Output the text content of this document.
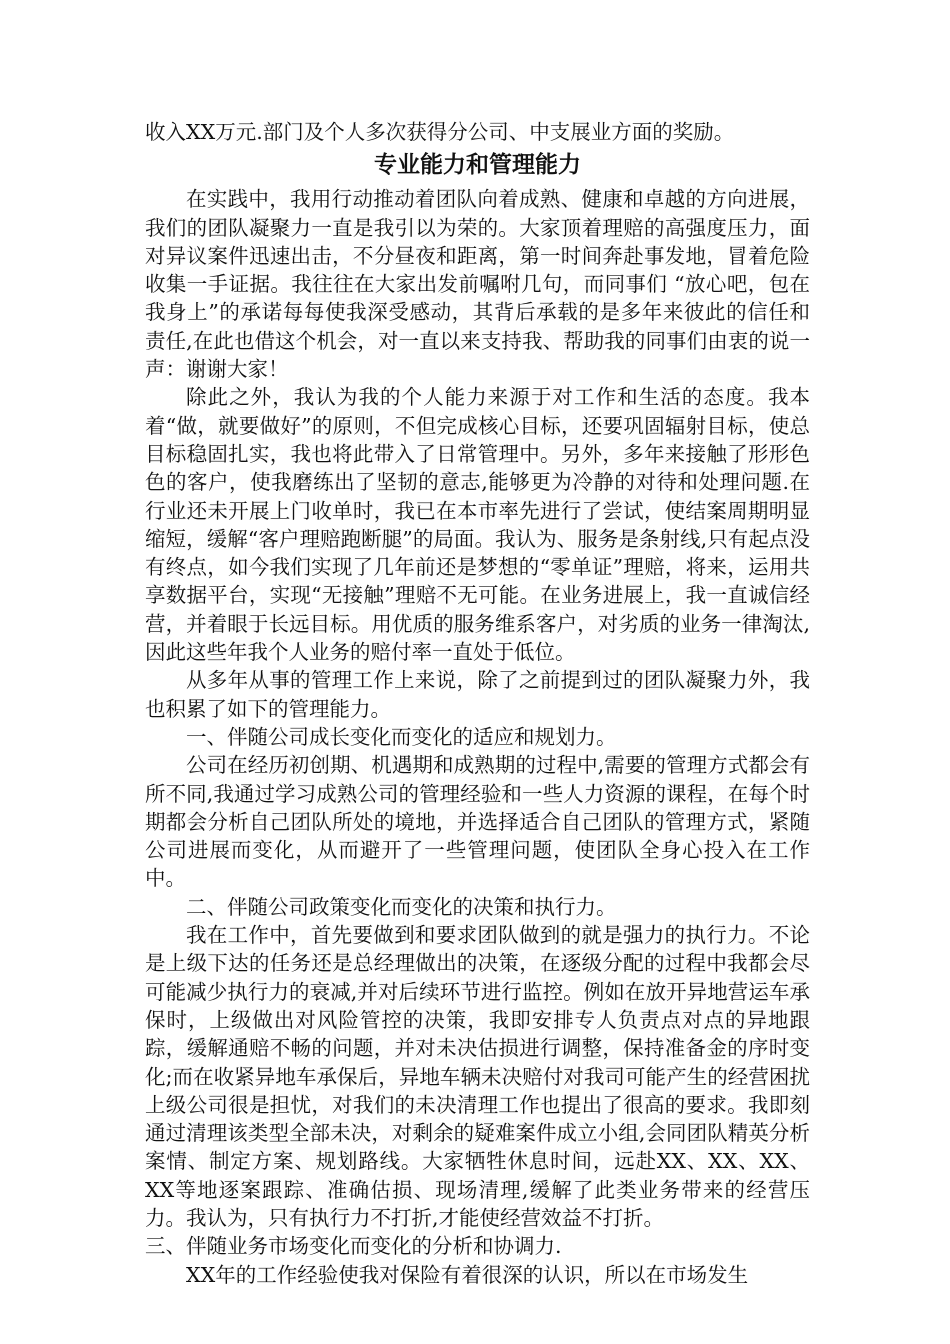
收入XX万元.部门及个人多次获得分公司、中支展业方面的奖励。

专业能力和管理能力

在实践中，我用行动推动着团队向着成熟、健康和卓越的方向进展，我们的团队凝聚力一直是我引以为荣的。大家顶着理赔的高强度压力，面对异议案件迅速出击，不分昼夜和距离，第一时间奔赴事发地，冒着危险收集一手证据。我往往在大家出发前嘱咐几句，而同事们 “放心吧，包在我身上”的承诺每每使我深受感动，其背后承载的是多年来彼此的信任和责任,在此也借这个机会，对一直以来支持我、帮助我的同事们由衷的说一声：谢谢大家！

除此之外，我认为我的个人能力来源于对工作和生活的态度。我本着“做，就要做好”的原则，不但完成核心目标，还要巩固辐射目标，使总目标稳固扎实，我也将此带入了日常管理中。另外，多年来接触了形形色色的客户，使我磨练出了坚韧的意志,能够更为冷静的对待和处理问题.在行业还未开展上门收单时，我已在本市率先进行了尝试，使结案周期明显缩短，缓解“客户理赔跑断腿”的局面。我认为、服务是条射线,只有起点没有终点，如今我们实现了几年前还是梦想的“零单证”理赔，将来，运用共享数据平台，实现“无接触”理赔不无可能。在业务进展上，我一直诚信经营，并着眼于长远目标。用优质的服务维系客户，对劣质的业务一律淘汰,因此这些年我个人业务的赔付率一直处于低位。

从多年从事的管理工作上来说，除了之前提到过的团队凝聚力外，我也积累了如下的管理能力。

一、伴随公司成长变化而变化的适应和规划力。

公司在经历初创期、机遇期和成熟期的过程中,需要的管理方式都会有所不同,我通过学习成熟公司的管理经验和一些人力资源的课程，在每个时期都会分析自己团队所处的境地，并选择适合自己团队的管理方式，紧随公司进展而变化，从而避开了一些管理问题，使团队全身心投入在工作中。

二、伴随公司政策变化而变化的决策和执行力。

我在工作中，首先要做到和要求团队做到的就是强力的执行力。不论是上级下达的任务还是总经理做出的决策，在逐级分配的过程中我都会尽可能减少执行力的衰减,并对后续环节进行监控。例如在放开异地营运车承保时，上级做出对风险管控的决策，我即安排专人负责点对点的异地跟踪，缓解通赔不畅的问题，并对未决估损进行调整，保持准备金的序时变化;而在收紧异地车承保后，异地车辆未决赔付对我司可能产生的经营困扰上级公司很是担忧，对我们的未决清理工作也提出了很高的要求。我即刻通过清理该类型全部未决，对剩余的疑难案件成立小组,会同团队精英分析案情、制定方案、规划路线。大家牺牲休息时间，远赴XX、XX、XX、XX等地逐案跟踪、准确估损、现场清理,缓解了此类业务带来的经营压力。我认为，只有执行力不打折,才能使经营效益不打折。

三、伴随业务市场变化而变化的分析和协调力.

XX年的工作经验使我对保险有着很深的认识，所以在市场发生
